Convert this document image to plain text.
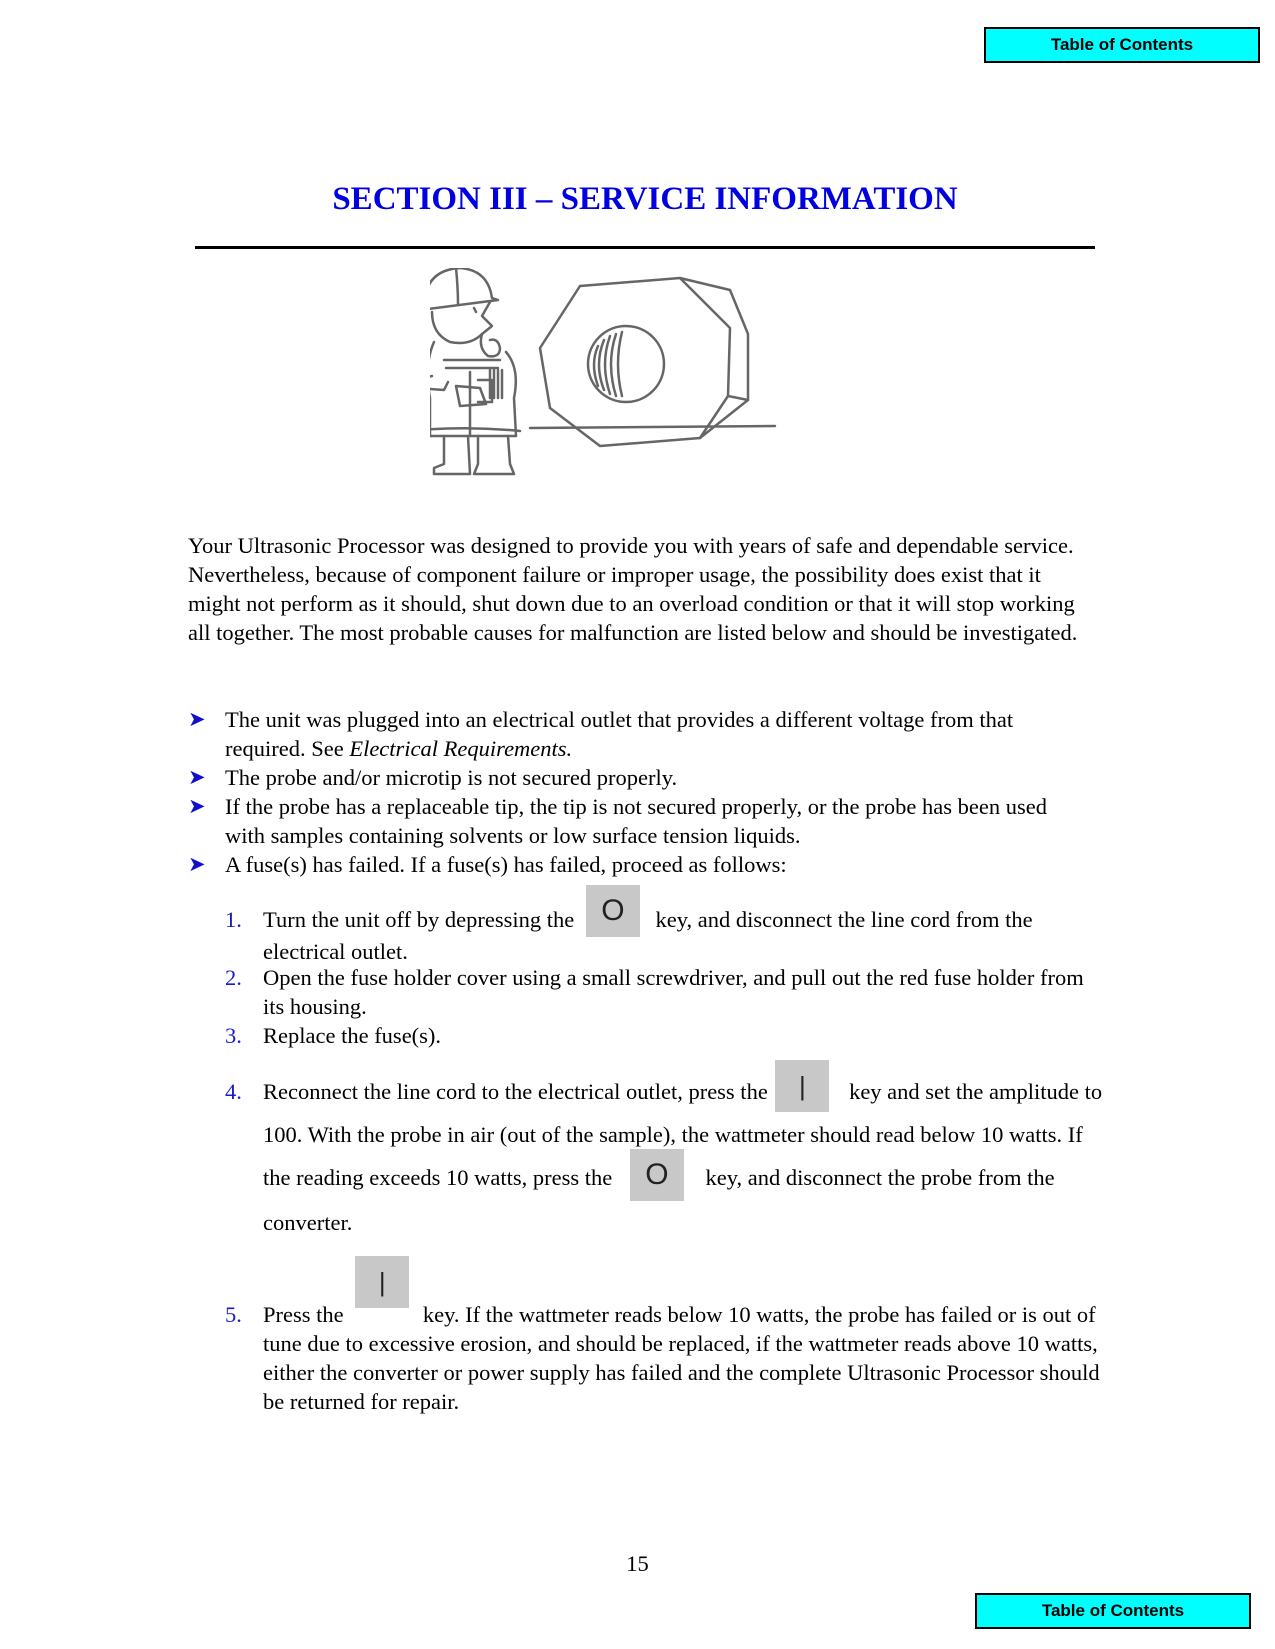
Table of Contents
SECTION III – SERVICE INFORMATION

Your Ultrasonic Processor was designed to provide you with years of safe and dependable service. Nevertheless, because of component failure or improper usage, the possibility does exist that it might not perform as it should, shut down due to an overload condition or that it will stop working all together. The most probable causes for malfunction are listed below and should be investigated.

➤ The unit was plugged into an electrical outlet that provides a different voltage from that required. See Electrical Requirements.
➤ The probe and/or microtip is not secured properly.
➤ If the probe has a replaceable tip, the tip is not secured properly, or the probe has been used with samples containing solvents or low surface tension liquids.
➤ A fuse(s) has failed. If a fuse(s) has failed, proceed as follows:
1. Turn the unit off by depressing the O key, and disconnect the line cord from the electrical outlet.
2. Open the fuse holder cover using a small screwdriver, and pull out the red fuse holder from its housing.
3. Replace the fuse(s).
4. Reconnect the line cord to the electrical outlet, press the | key and set the amplitude to 100. With the probe in air (out of the sample), the wattmeter should read below 10 watts. If the reading exceeds 10 watts, press the O key, and disconnect the probe from the converter.
5. Press the | key. If the wattmeter reads below 10 watts, the probe has failed or is out of tune due to excessive erosion, and should be replaced, if the wattmeter reads above 10 watts, either the converter or power supply has failed and the complete Ultrasonic Processor should be returned for repair.
15
Table of Contents
